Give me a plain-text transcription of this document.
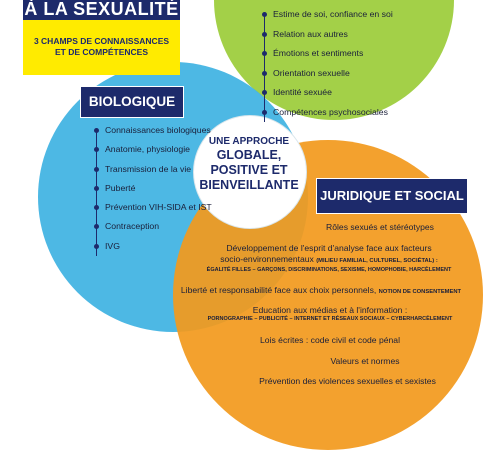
À LA SEXUALITÉ
3 CHAMPS DE CONNAISSANCES ET DE COMPÉTENCES
Estime de soi, confiance en soi
Relation aux autres
Émotions et sentiments
Orientation sexuelle
Identité sexuée
Compétences psychosociales
BIOLOGIQUE
Connaissances biologiques
Anatomie, physiologie
Transmission de la vie
Puberté
Prévention VIH-SIDA et IST
Contraception
IVG
UNE APPROCHE
GLOBALE,
POSITIVE ET
BIENVEILLANTE
JURIDIQUE ET SOCIAL
Rôles sexués et stéréotypes
Développement de l'esprit d'analyse face aux facteurs
socio-environnementaux (MILIEU FAMILIAL, CULTUREL, SOCIÉTAL) :
ÉGALITÉ FILLES – GARÇONS, DISCRIMINATIONS, SEXISME, HOMOPHOBIE, HARCÈLEMENT
Liberté et responsabilité face aux choix personnels, NOTION DE CONSENTEMENT
Education aux médias et à l'information :
PORNOGRAPHIE – PUBLICITÉ – INTERNET ET RÉSEAUX SOCIAUX – CYBERHARCÈLEMENT
Lois écrites : code civil et code pénal
Valeurs et normes
Prévention des violences sexuelles et sexistes
